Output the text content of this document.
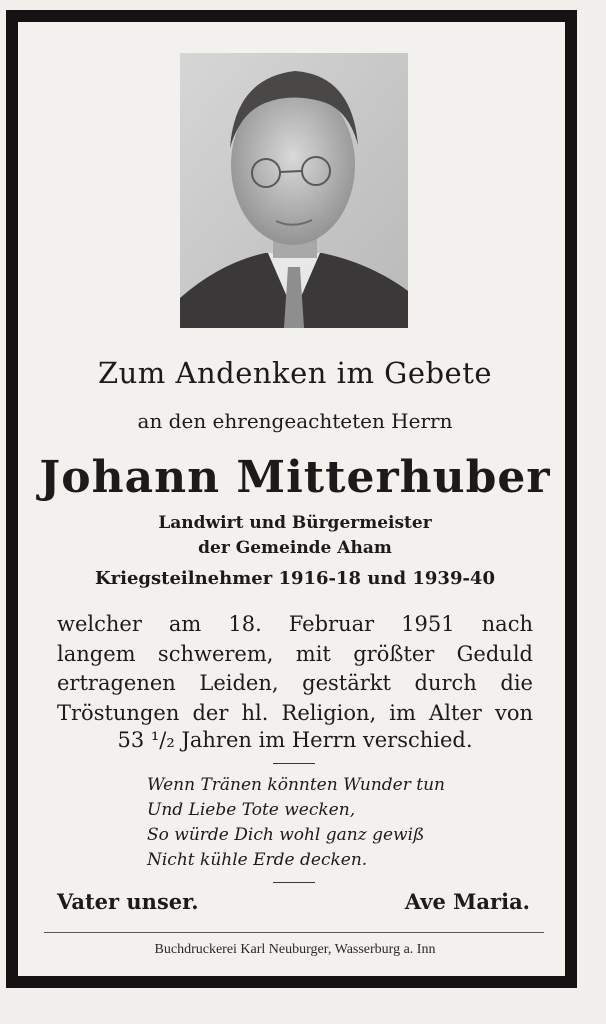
Zum Andenken im Gebete
an den ehrengeachteten Herrn
Johann Mitterhuber
Landwirt und Bürgermeister
der Gemeinde Aham
Kriegsteilnehmer 1916-18 und 1939-40
welcher am 18. Februar 1951 nach
langem schwerem, mit größter Geduld
ertragenen Leiden, gestärkt durch die
Tröstungen der hl. Religion, im Alter von
53 ¹/₂ Jahren im Herrn verschied.
Wenn Tränen könnten Wunder tun
Und Liebe Tote wecken,
So würde Dich wohl ganz gewiß
Nicht kühle Erde decken.
Vater unser.	Ave Maria.
Buchdruckerei Karl Neuburger, Wasserburg a. Inn
